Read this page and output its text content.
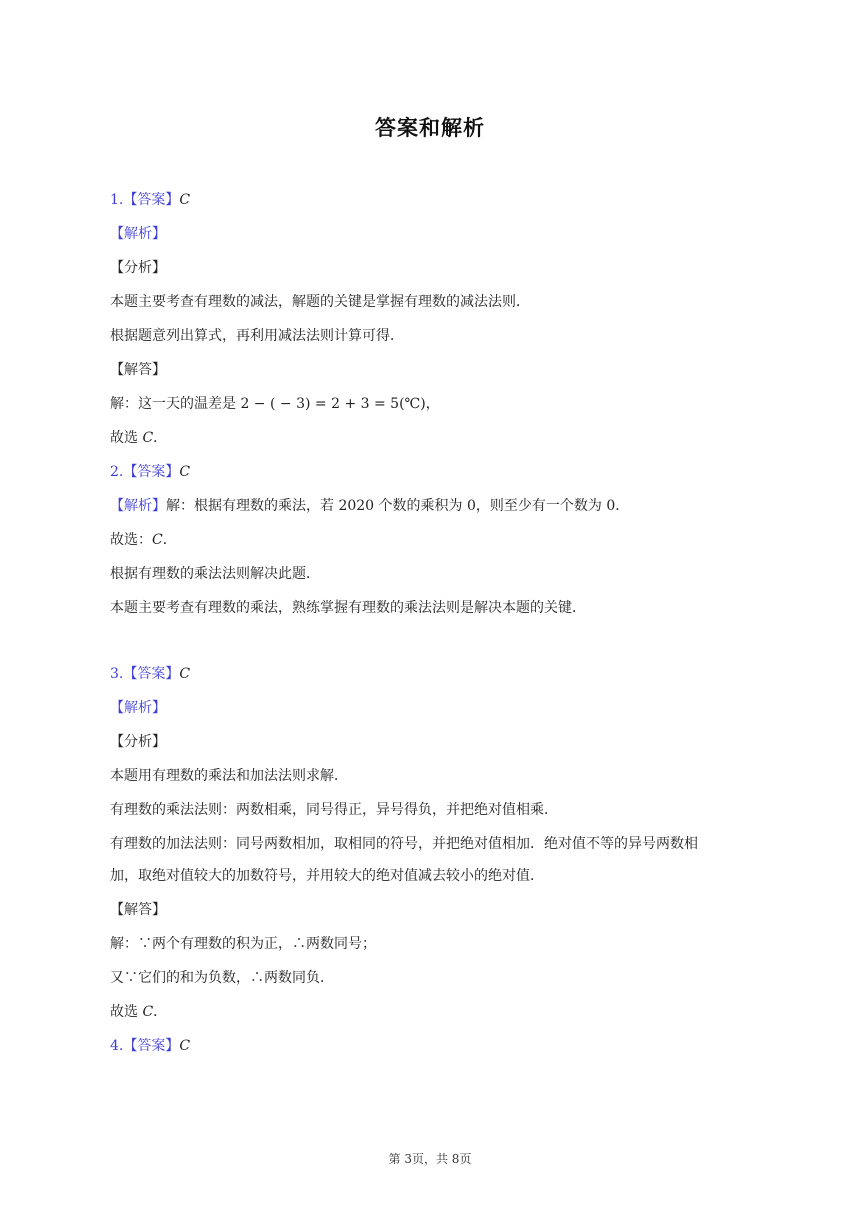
答案和解析
1.【答案】C
【解析】
【分析】
本题主要考查有理数的减法，解题的关键是掌握有理数的减法法则．
根据题意列出算式，再利用减法法则计算可得．
【解答】
解：这一天的温差是 2 − ( − 3) = 2 + 3 = 5(℃)，
故选 C．
2.【答案】C
【解析】解：根据有理数的乘法，若 2020 个数的乘积为 0，则至少有一个数为 0．
故选：C．
根据有理数的乘法法则解决此题．
本题主要考查有理数的乘法，熟练掌握有理数的乘法法则是解决本题的关键．
3.【答案】C
【解析】
【分析】
本题用有理数的乘法和加法法则求解．
有理数的乘法法则：两数相乘，同号得正，异号得负，并把绝对值相乘．
有理数的加法法则：同号两数相加，取相同的符号，并把绝对值相加．绝对值不等的异号两数相
加，取绝对值较大的加数符号，并用较大的绝对值减去较小的绝对值．
【解答】
解：∵两个有理数的积为正，∴两数同号；
又∵它们的和为负数，∴两数同负．
故选 C．
4.【答案】C
第 3页，共 8页
